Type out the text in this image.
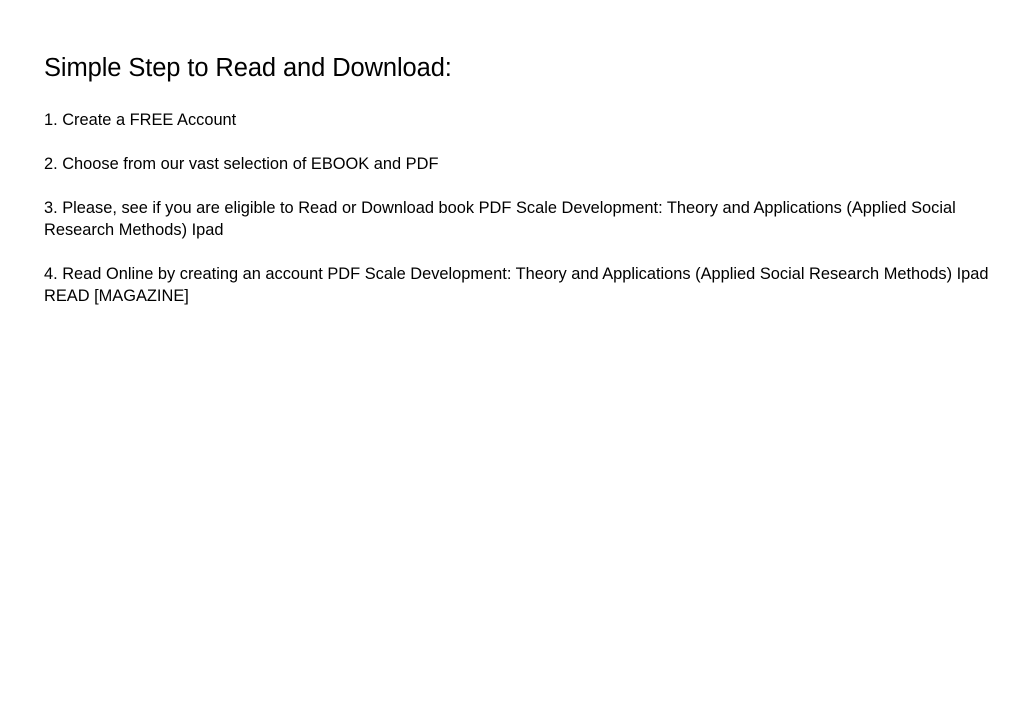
Simple Step to Read and Download:

1. Create a FREE Account

2. Choose from our vast selection of EBOOK and PDF

3. Please, see if you are eligible to Read or Download book PDF Scale Development: Theory and Applications (Applied Social Research Methods) Ipad

4. Read Online by creating an account PDF Scale Development: Theory and Applications (Applied Social Research Methods) Ipad READ [MAGAZINE]
